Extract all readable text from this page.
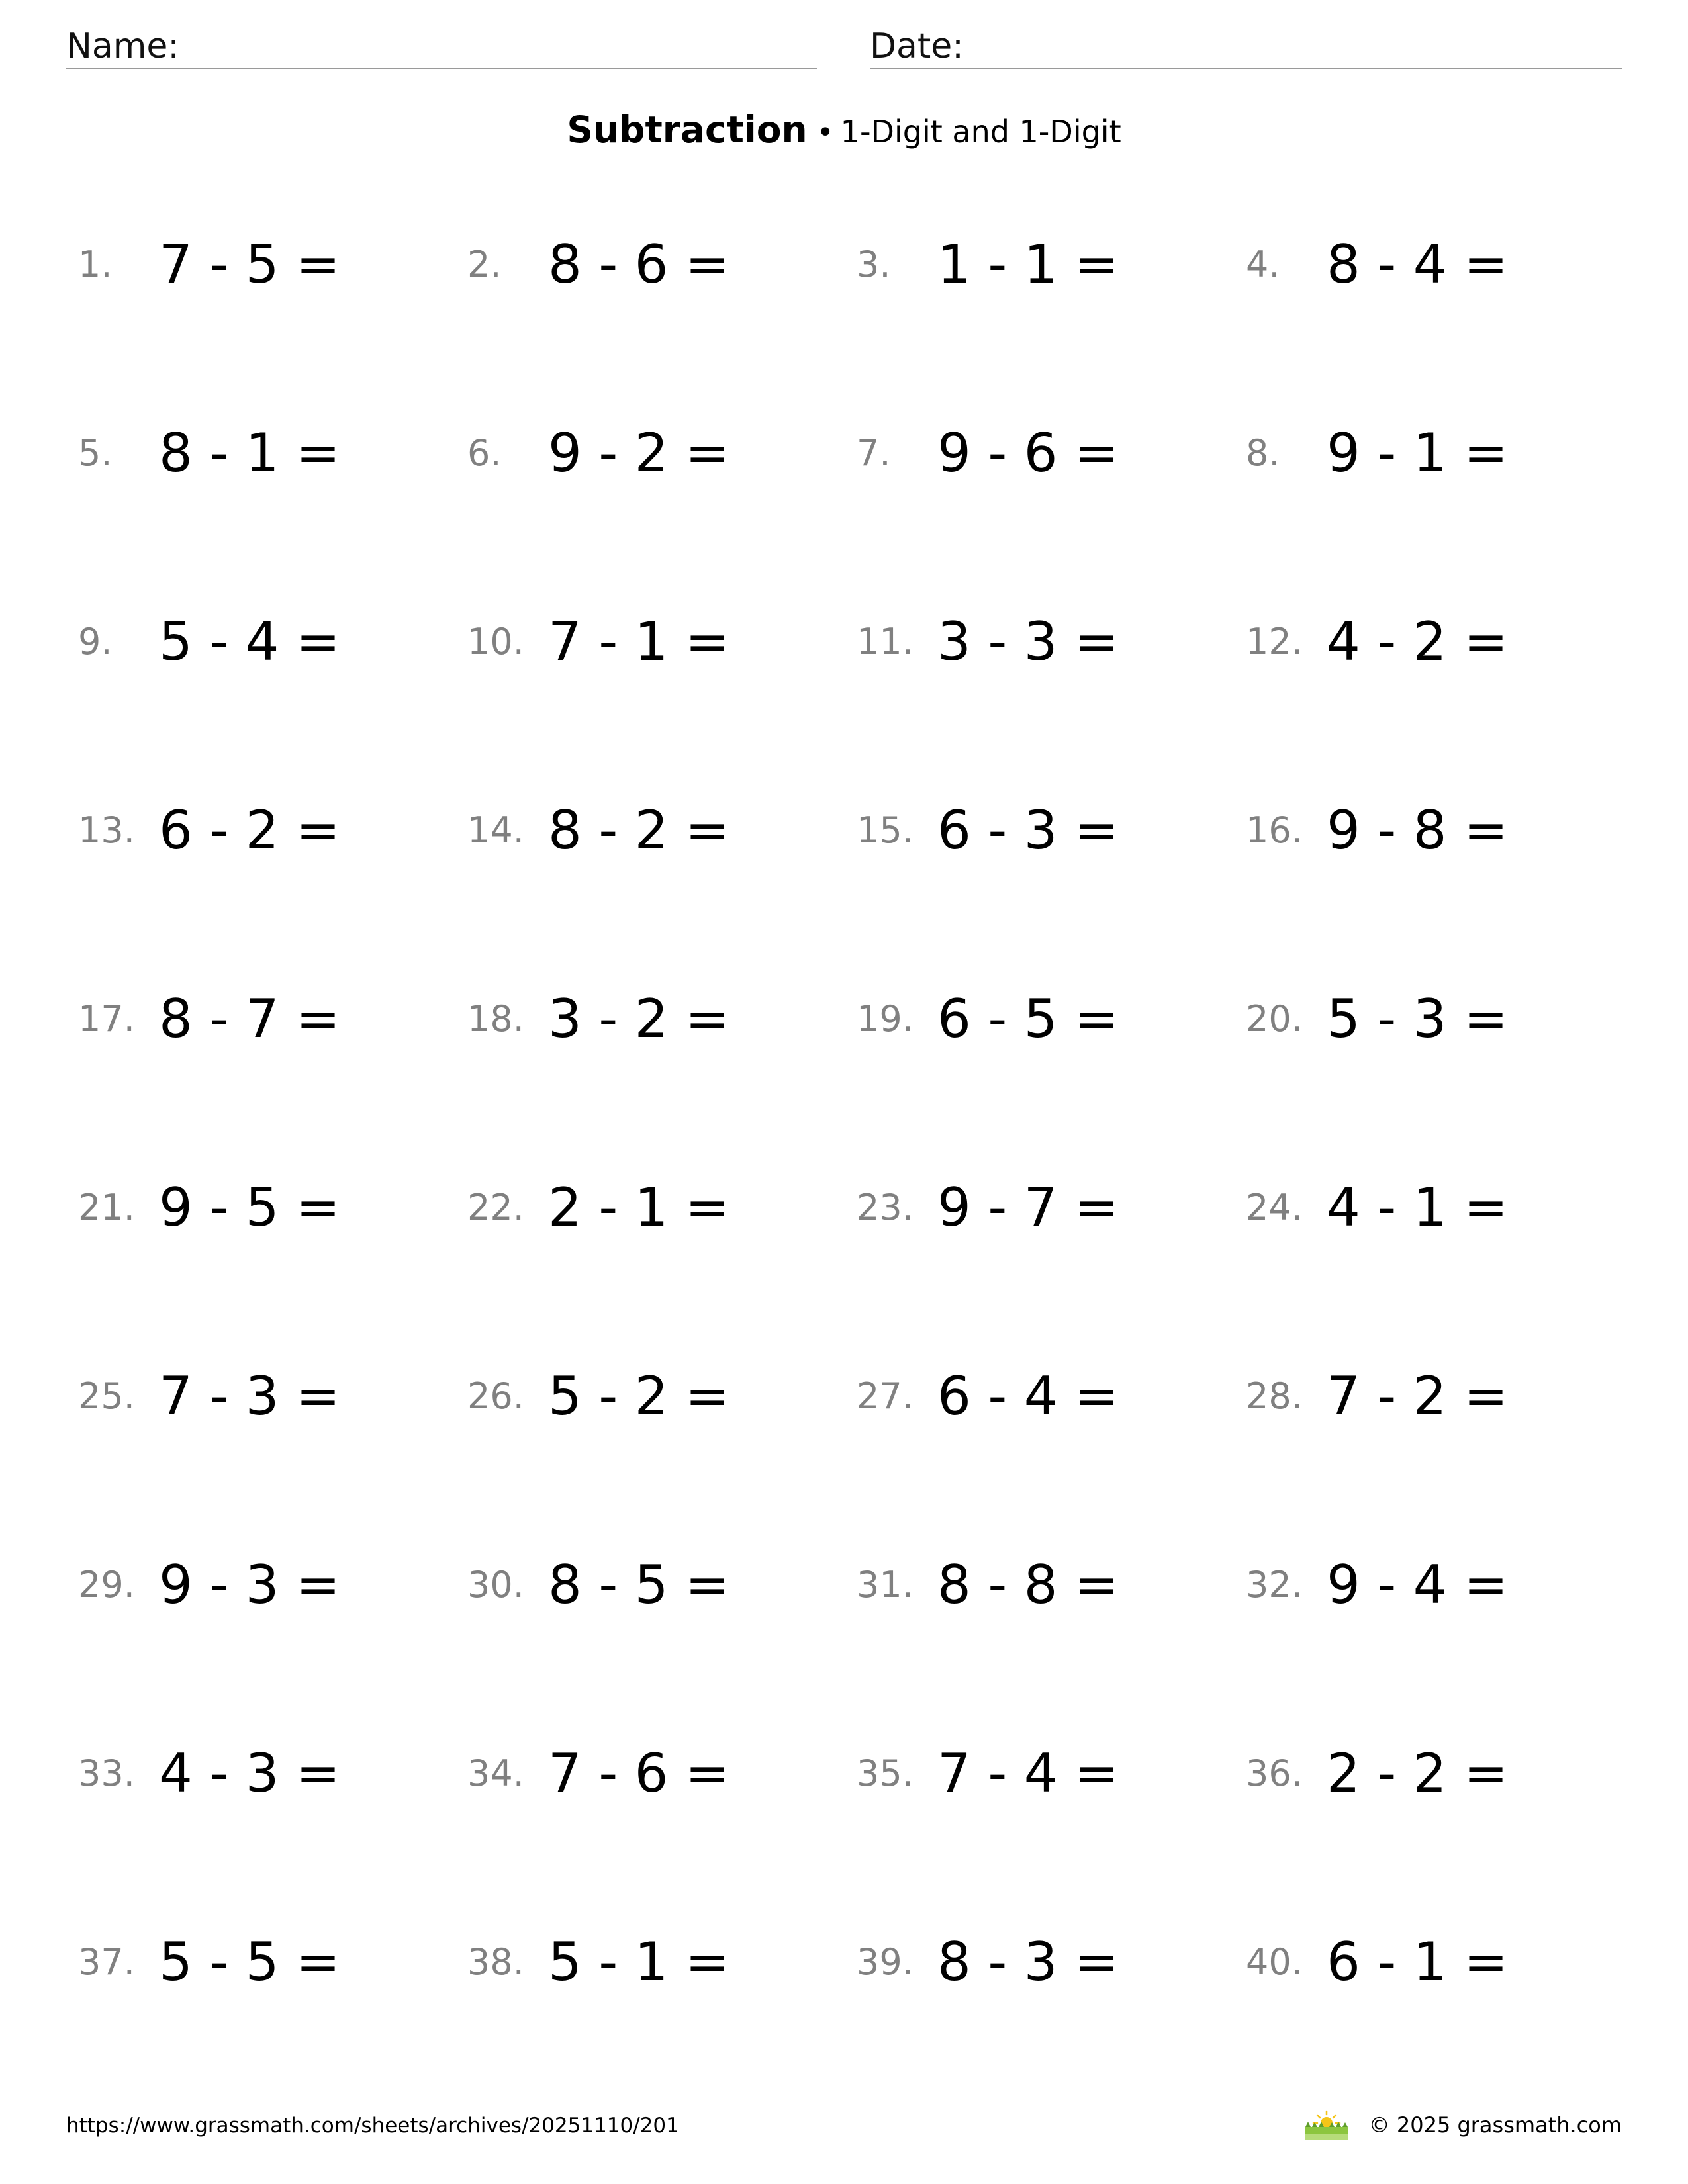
Name:	Date:
Subtraction • 1-Digit and 1-Digit
1. 7 - 5 =	2. 8 - 6 =	3. 1 - 1 =	4. 8 - 4 =
5. 8 - 1 =	6. 9 - 2 =	7. 9 - 6 =	8. 9 - 1 =
9. 5 - 4 =	10. 7 - 1 =	11. 3 - 3 =	12. 4 - 2 =
13. 6 - 2 =	14. 8 - 2 =	15. 6 - 3 =	16. 9 - 8 =
17. 8 - 7 =	18. 3 - 2 =	19. 6 - 5 =	20. 5 - 3 =
21. 9 - 5 =	22. 2 - 1 =	23. 9 - 7 =	24. 4 - 1 =
25. 7 - 3 =	26. 5 - 2 =	27. 6 - 4 =	28. 7 - 2 =
29. 9 - 3 =	30. 8 - 5 =	31. 8 - 8 =	32. 9 - 4 =
33. 4 - 3 =	34. 7 - 6 =	35. 7 - 4 =	36. 2 - 2 =
37. 5 - 5 =	38. 5 - 1 =	39. 8 - 3 =	40. 6 - 1 =
https://www.grassmath.com/sheets/archives/20251110/201	© 2025 grassmath.com
